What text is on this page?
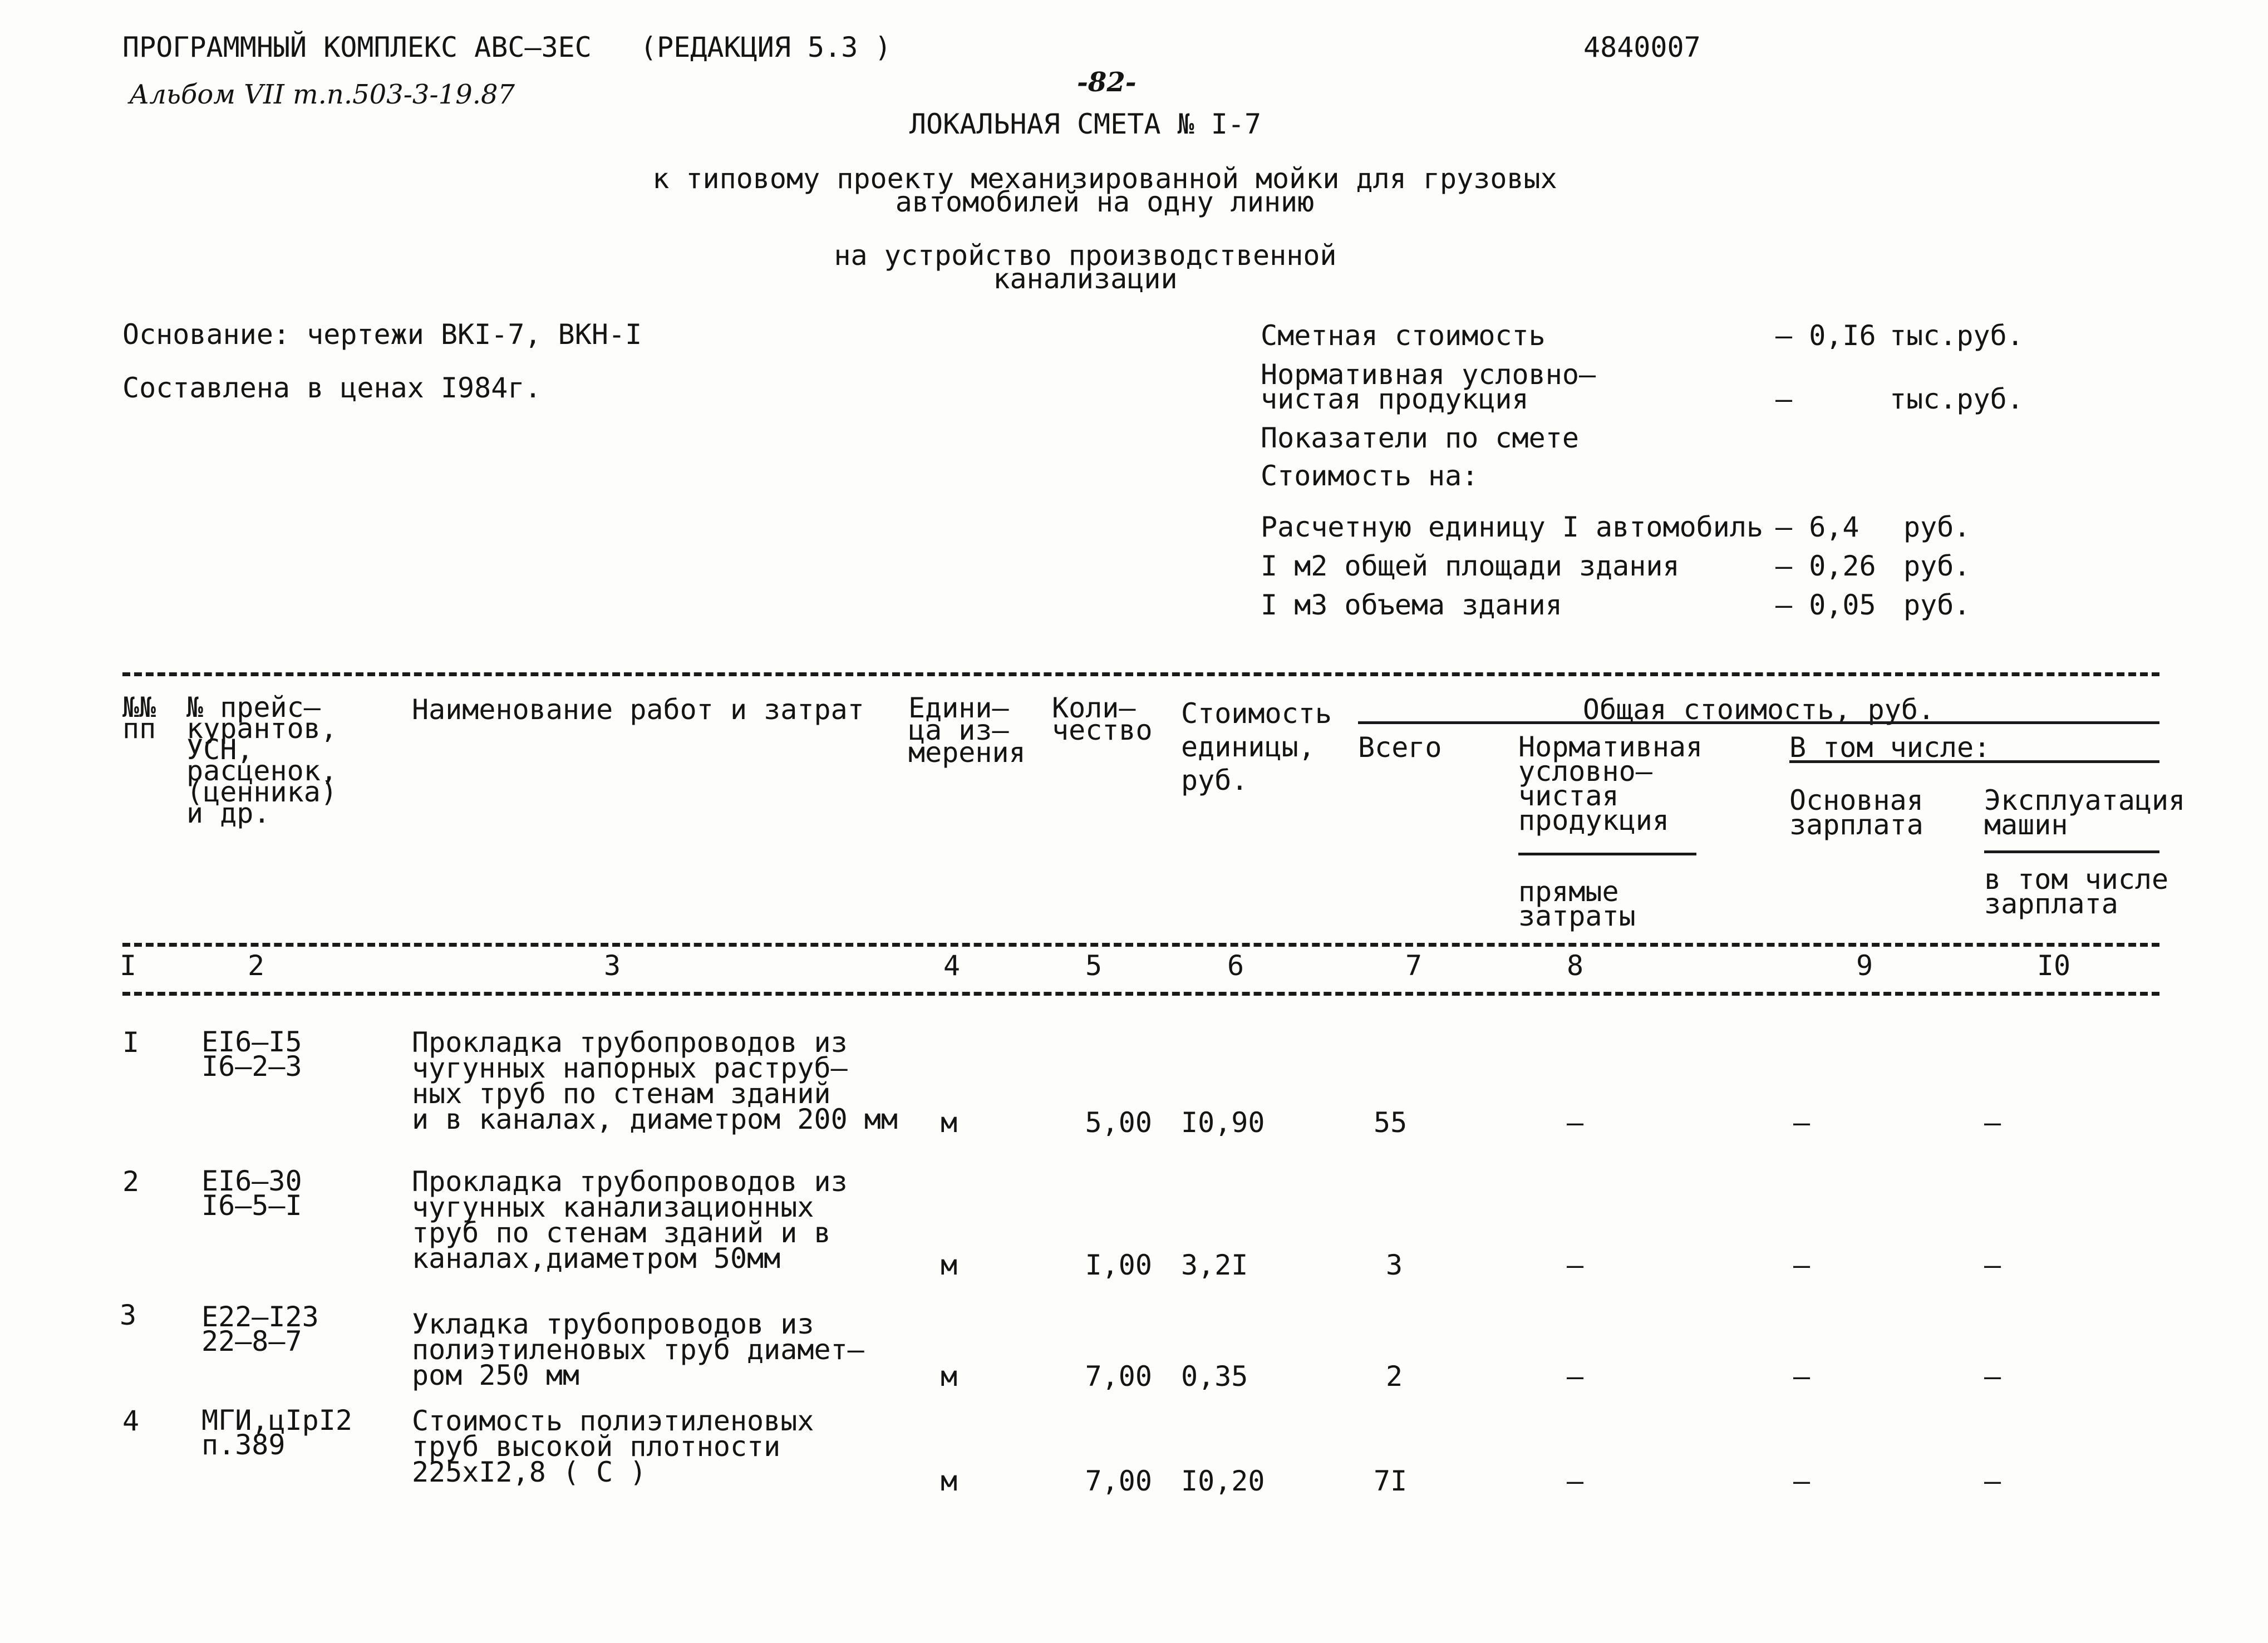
ПРОГРАММНЫЙ КОМПЛЕКС АВС–ЗЕС (РЕДАКЦИЯ 5.3 )	4840007
Альбом VII т.п.503-3-19.87	-82-
ЛОКАЛЬНАЯ СМЕТА № I-7
к типовому проекту механизированной мойки для грузовых
автомобилей на одну линию
на устройство производственной
канализации
Основание: чертежи ВКI-7, ВКН-I
Составлена в ценах I984г.
Сметная стоимость	– 0,I6 тыс.руб.
Нормативная условно–
чистая продукция	–	тыс.руб.
Показатели по смете
Стоимость на:
Расчетную единицу I автомобиль – 6,4 руб.
I м2 общей площади здания	– 0,26 руб.
I м3 объема здания	– 0,05 руб.
№№
пп
№ прейс–
курантов,
УСН,
расценок,
(ценника)
и др.
Наименование работ и затрат Едини–
ца из–
мерения
Коли–
чество
Стоимость
единицы,
руб.
Общая стоимость, руб.
Всего	Нормативная
условно–
чистая
продукция
прямые
затраты
В том числе:
Основная
зарплата
Эксплуатация
машин
в том числе
зарплата
I	2	3	4	5	6	7	8	9	I0
I EI6–I5
I6–2–3
Прокладка трубопроводов из
чугунных напорных раструб–
ных труб по стенам зданий
и в каналах, диаметром 200 мм м	5,00 I0,90	55	–	–	–
2 EI6–30
I6–5–I
Прокладка трубопроводов из
чугунных канализационных
труб по стенам зданий и в
каналах,диаметром 50мм	м	I,00 3,2I	3	–	–	–
3 E22–I23
22–8–7
Укладка трубопроводов из
полиэтиленовых труб диамет–
ром 250 мм	м	7,00 0,35	2	–	–	–
4 МГИ,цIpI2
п.389
Стоимость полиэтиленовых
труб высокой плотности
225xI2,8 ( С )	м	7,00 I0,20	7I	–	–	–
